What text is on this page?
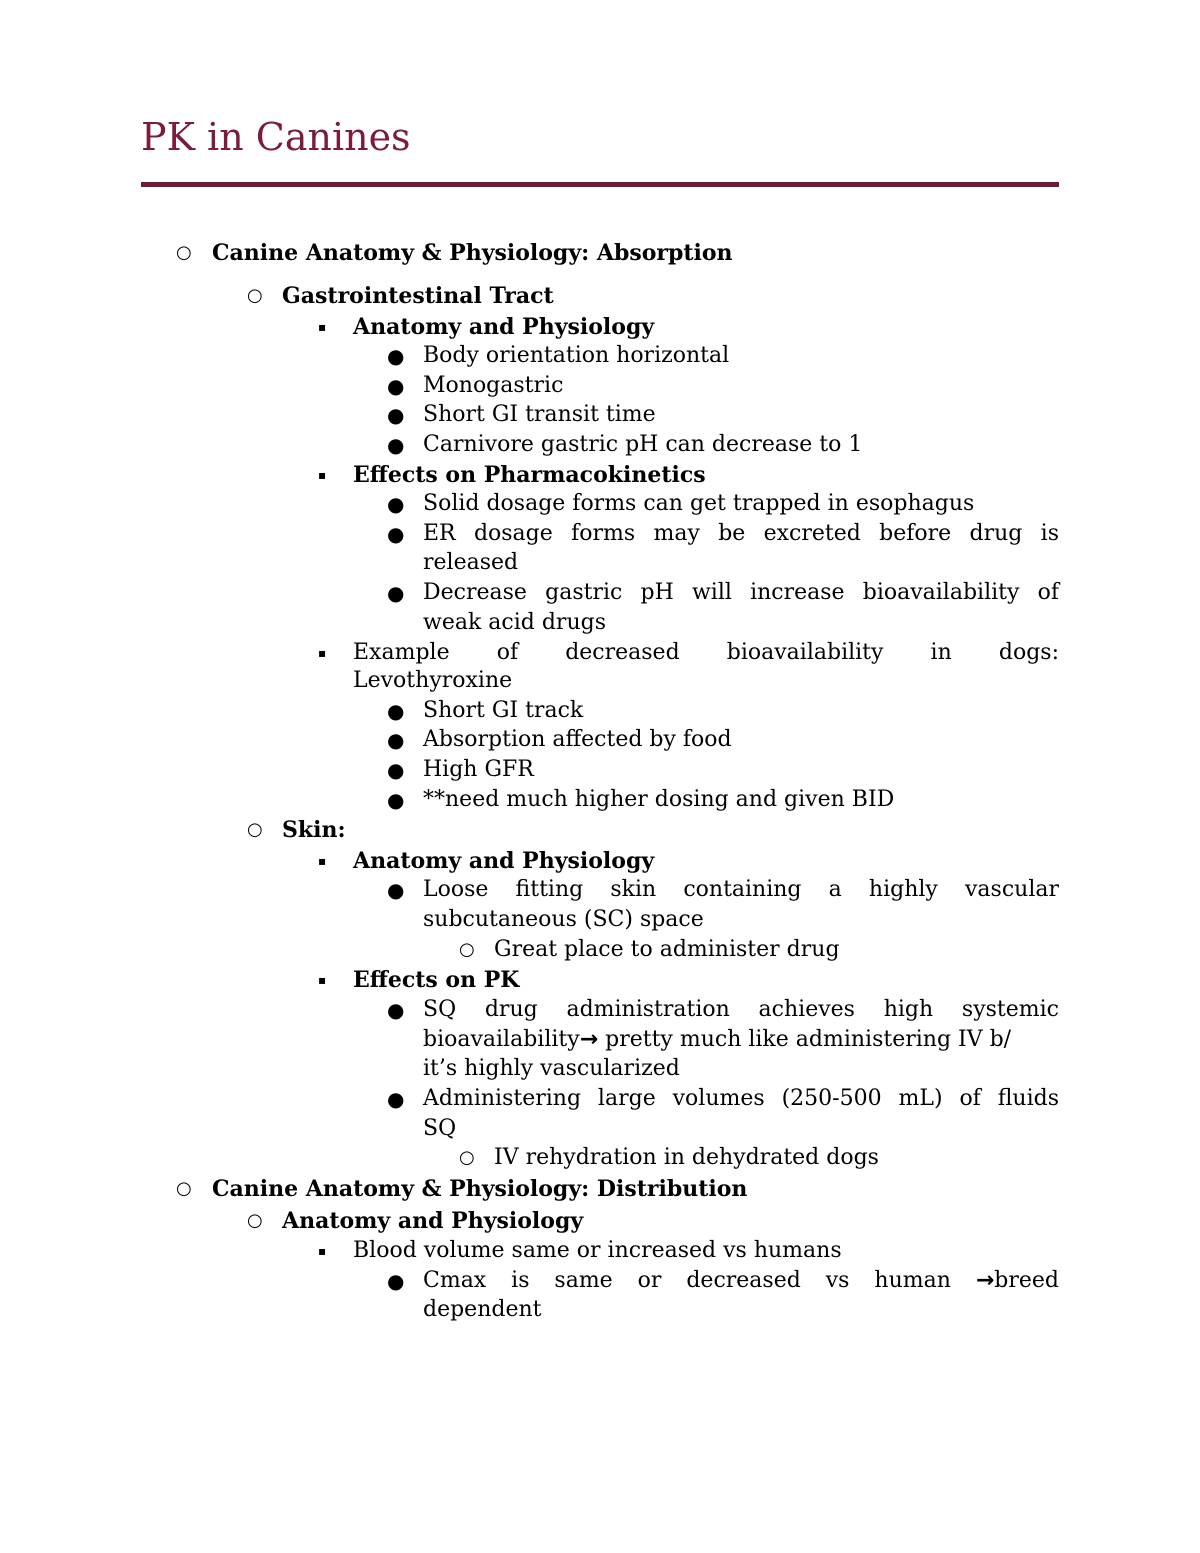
PK in Canines
○ Canine Anatomy & Physiology: Absorption
○ Gastrointestinal Tract
▪ Anatomy and Physiology
● Body orientation horizontal
● Monogastric
● Short GI transit time
● Carnivore gastric pH can decrease to 1
▪ Effects on Pharmacokinetics
● Solid dosage forms can get trapped in esophagus
● ER dosage forms may be excreted before drug is
released
● Decrease gastric pH will increase bioavailability of
weak acid drugs
▪ Example of decreased bioavailability in dogs:
Levothyroxine
● Short GI track
● Absorption affected by food
● High GFR
● **need much higher dosing and given BID
○ Skin:
▪ Anatomy and Physiology
● Loose fitting skin containing a highly vascular
subcutaneous (SC) space
○ Great place to administer drug
▪ Effects on PK
● SQ drug administration achieves high systemic
bioavailability→ pretty much like administering IV b/
it’s highly vascularized
● Administering large volumes (250-500 mL) of fluids
SQ
○ IV rehydration in dehydrated dogs
○ Canine Anatomy & Physiology: Distribution
○ Anatomy and Physiology
▪ Blood volume same or increased vs humans
● Cmax is same or decreased vs human →breed
dependent
